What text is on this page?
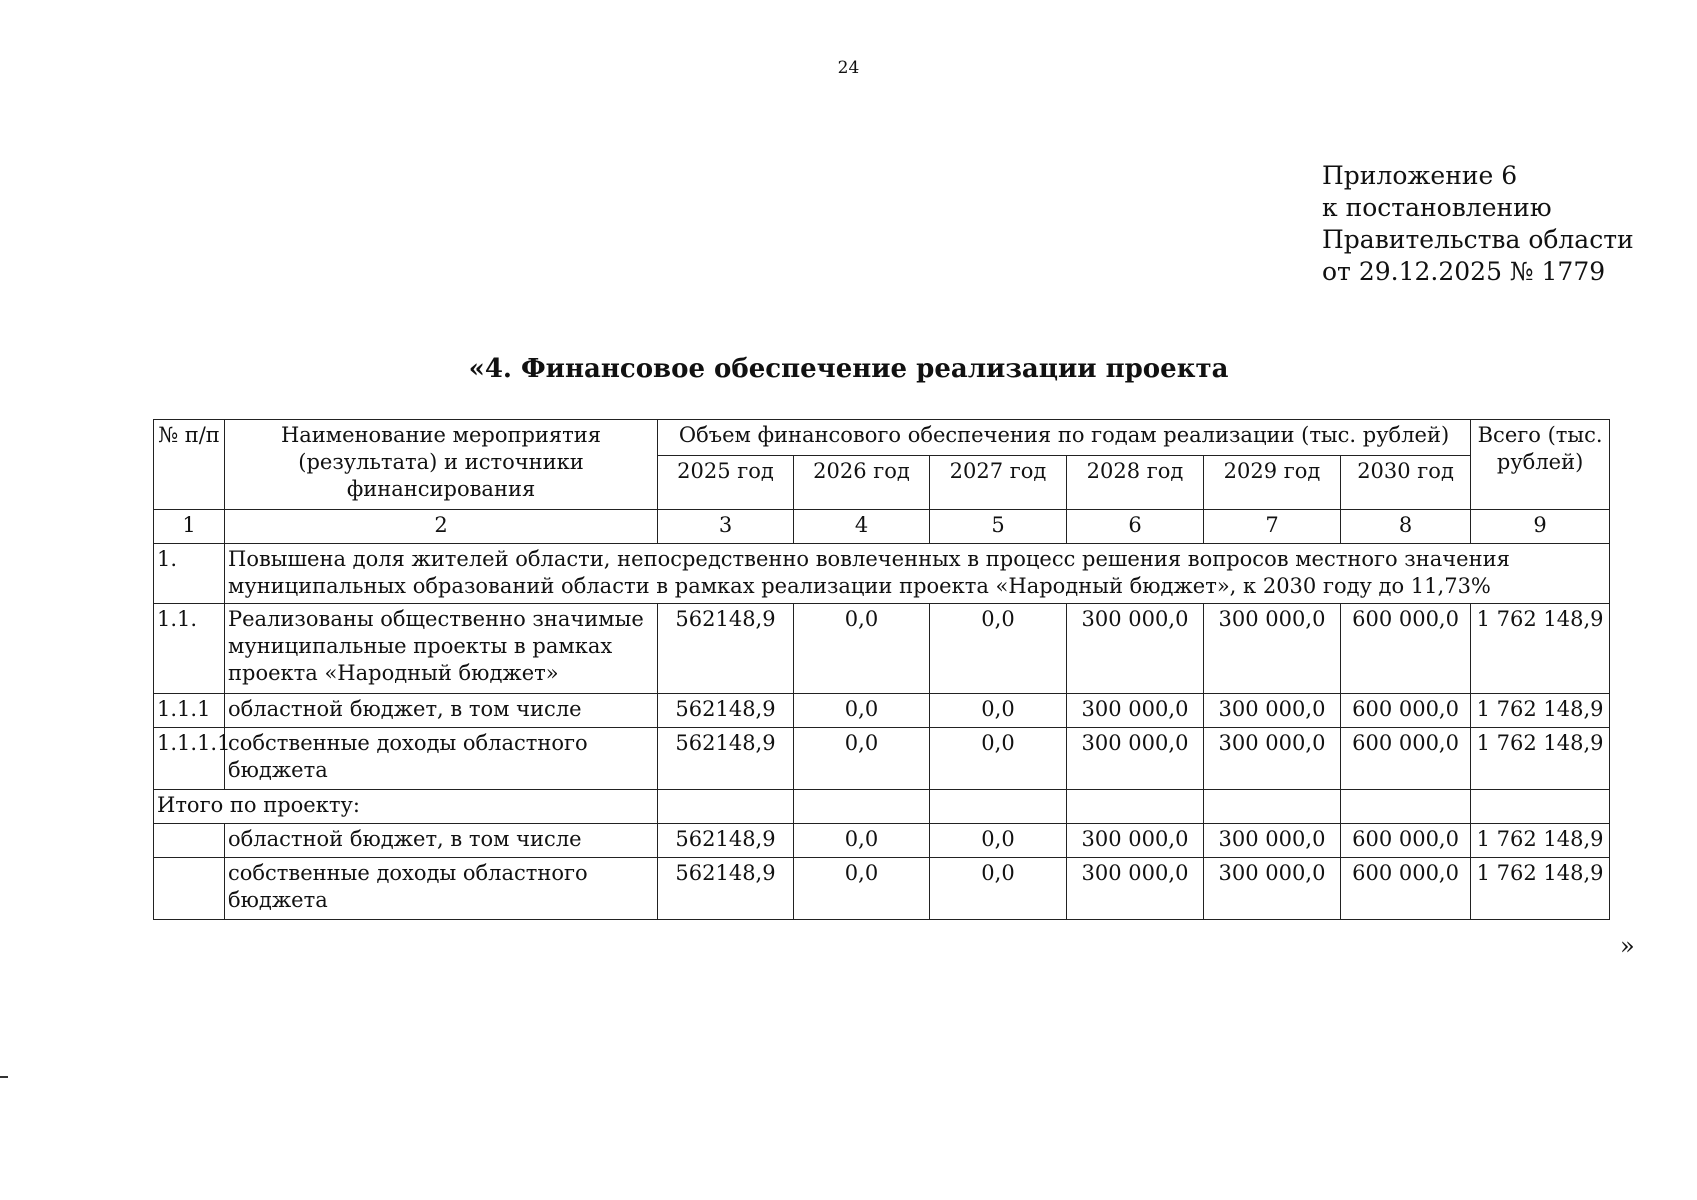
24
Приложение 6
к постановлению
Правительства области
от 29.12.2025 № 1779
«4. Финансовое обеспечение реализации проекта
№ п/п	Наименование мероприятия (результата) и источники финансирования	Объем финансового обеспечения по годам реализации (тыс. рублей)						Всего (тыс. рублей)
		2025 год	2026 год	2027 год	2028 год	2029 год	2030 год	
1	2	3	4	5	6	7	8	9
1.	Повышена доля жителей области, непосредственно вовлеченных в процесс решения вопросов местного значения муниципальных образований области в рамках реализации проекта «Народный бюджет», к 2030 году до 11,73%							
1.1.	Реализованы общественно значимые муниципальные проекты в рамках проекта «Народный бюджет»	562148,9	0,0	0,0	300 000,0	300 000,0	600 000,0	1 762 148,9
1.1.1	областной бюджет, в том числе	562148,9	0,0	0,0	300 000,0	300 000,0	600 000,0	1 762 148,9
1.1.1.1	собственные доходы областного бюджета	562148,9	0,0	0,0	300 000,0	300 000,0	600 000,0	1 762 148,9
Итого по проекту:								
	областной бюджет, в том числе	562148,9	0,0	0,0	300 000,0	300 000,0	600 000,0	1 762 148,9
	собственные доходы областного бюджета	562148,9	0,0	0,0	300 000,0	300 000,0	600 000,0	1 762 148,9
»
